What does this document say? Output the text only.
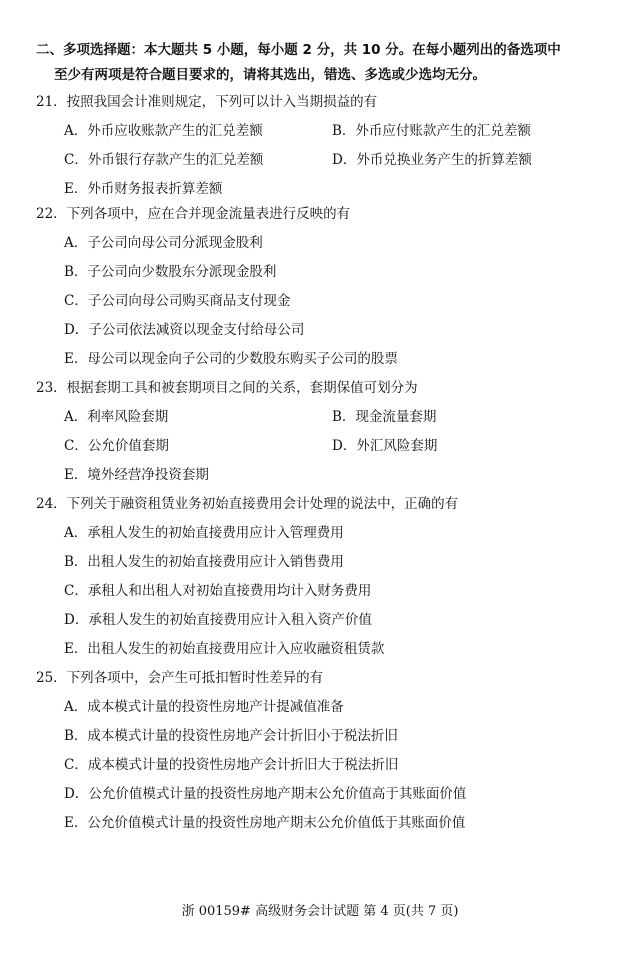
二、多项选择题：本大题共 5 小题，每小题 2 分，共 10 分。在每小题列出的备选项中
至少有两项是符合题目要求的，请将其选出，错选、多选或少选均无分。
21．按照我国会计准则规定，下列可以计入当期损益的有
A．外币应收账款产生的汇兑差额	B．外币应付账款产生的汇兑差额
C．外币银行存款产生的汇兑差额	D．外币兑换业务产生的折算差额
E．外币财务报表折算差额
22．下列各项中，应在合并现金流量表进行反映的有
A．子公司向母公司分派现金股利
B．子公司向少数股东分派现金股利
C．子公司向母公司购买商品支付现金
D．子公司依法减资以现金支付给母公司
E．母公司以现金向子公司的少数股东购买子公司的股票
23．根据套期工具和被套期项目之间的关系，套期保值可划分为
A．利率风险套期	B．现金流量套期
C．公允价值套期	D．外汇风险套期
E．境外经营净投资套期
24．下列关于融资租赁业务初始直接费用会计处理的说法中，正确的有
A．承租人发生的初始直接费用应计入管理费用
B．出租人发生的初始直接费用应计入销售费用
C．承租人和出租人对初始直接费用均计入财务费用
D．承租人发生的初始直接费用应计入租入资产价值
E．出租人发生的初始直接费用应计入应收融资租赁款
25．下列各项中，会产生可抵扣暂时性差异的有
A．成本模式计量的投资性房地产计提减值准备
B．成本模式计量的投资性房地产会计折旧小于税法折旧
C．成本模式计量的投资性房地产会计折旧大于税法折旧
D．公允价值模式计量的投资性房地产期末公允价值高于其账面价值
E．公允价值模式计量的投资性房地产期末公允价值低于其账面价值
浙 00159# 高级财务会计试题 第 4 页(共 7 页)
